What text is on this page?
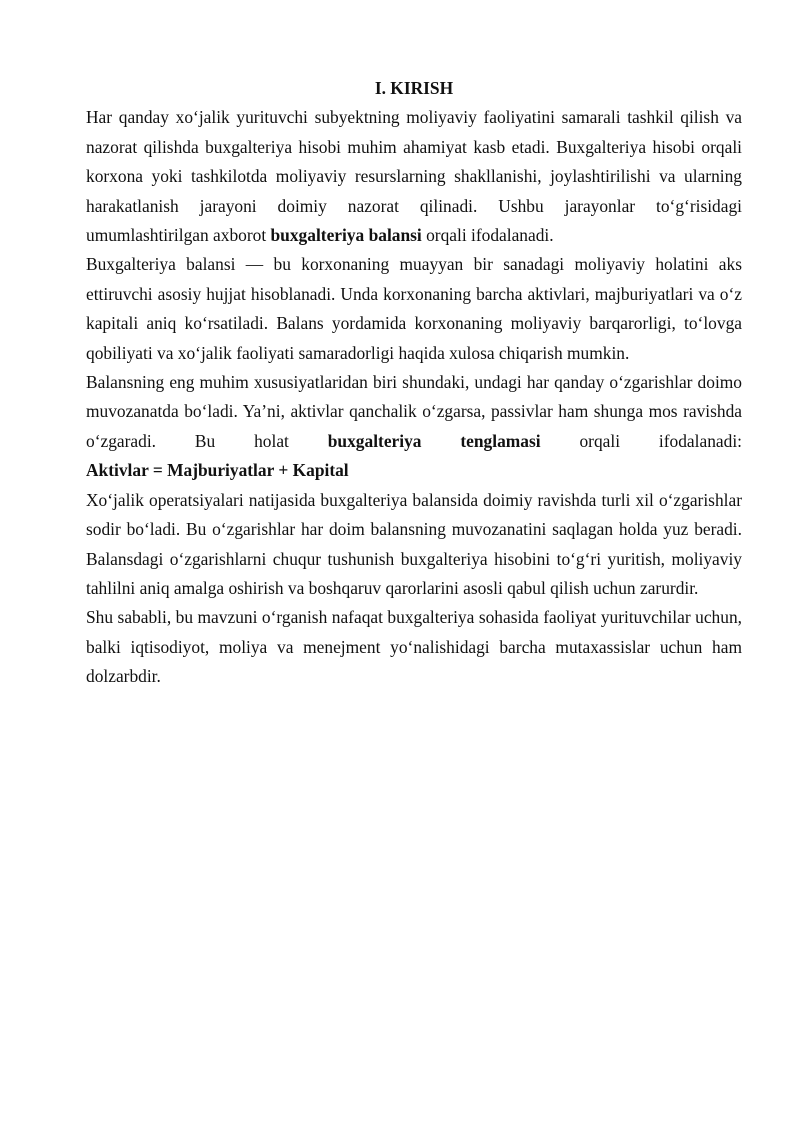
I. KIRISH

Har qanday xo‘jalik yurituvchi subyektning moliyaviy faoliyatini samarali tashkil qilish va nazorat qilishda buxgalteriya hisobi muhim ahamiyat kasb etadi. Buxgalteriya hisobi orqali korxona yoki tashkilotda moliyaviy resurslarning shakllanishi, joylashtirilishi va ularning harakatlanish jarayoni doimiy nazorat qilinadi. Ushbu jarayonlar to‘g‘risidagi umumlashtirilgan axborot buxgalteriya balansi orqali ifodalanadi.

Buxgalteriya balansi — bu korxonaning muayyan bir sanadagi moliyaviy holatini aks ettiruvchi asosiy hujjat hisoblanadi. Unda korxonaning barcha aktivlari, majburiyatlari va o‘z kapitali aniq ko‘rsatiladi. Balans yordamida korxonaning moliyaviy barqarorligi, to‘lovga qobiliyati va xo‘jalik faoliyati samaradorligi haqida xulosa chiqarish mumkin.

Balansning eng muhim xususiyatlaridan biri shundaki, undagi har qanday o‘zgarishlar doimo muvozanatda bo‘ladi. Ya’ni, aktivlar qanchalik o‘zgarsa, passivlar ham shunga mos ravishda o‘zgaradi. Bu holat buxgalteriya tenglamasi orqali ifodalanadi:

Aktivlar = Majburiyatlar + Kapital

Xo‘jalik operatsiyalari natijasida buxgalteriya balansida doimiy ravishda turli xil o‘zgarishlar sodir bo‘ladi. Bu o‘zgarishlar har doim balansning muvozanatini saqlagan holda yuz beradi. Balansdagi o‘zgarishlarni chuqur tushunish buxgalteriya hisobini to‘g‘ri yuritish, moliyaviy tahlilni aniq amalga oshirish va boshqaruv qarorlarini asosli qabul qilish uchun zarurdir.

Shu sababli, bu mavzuni o‘rganish nafaqat buxgalteriya sohasida faoliyat yurituvchilar uchun, balki iqtisodiyot, moliya va menejment yo‘nalishidagi barcha mutaxassislar uchun ham dolzarbdir.
